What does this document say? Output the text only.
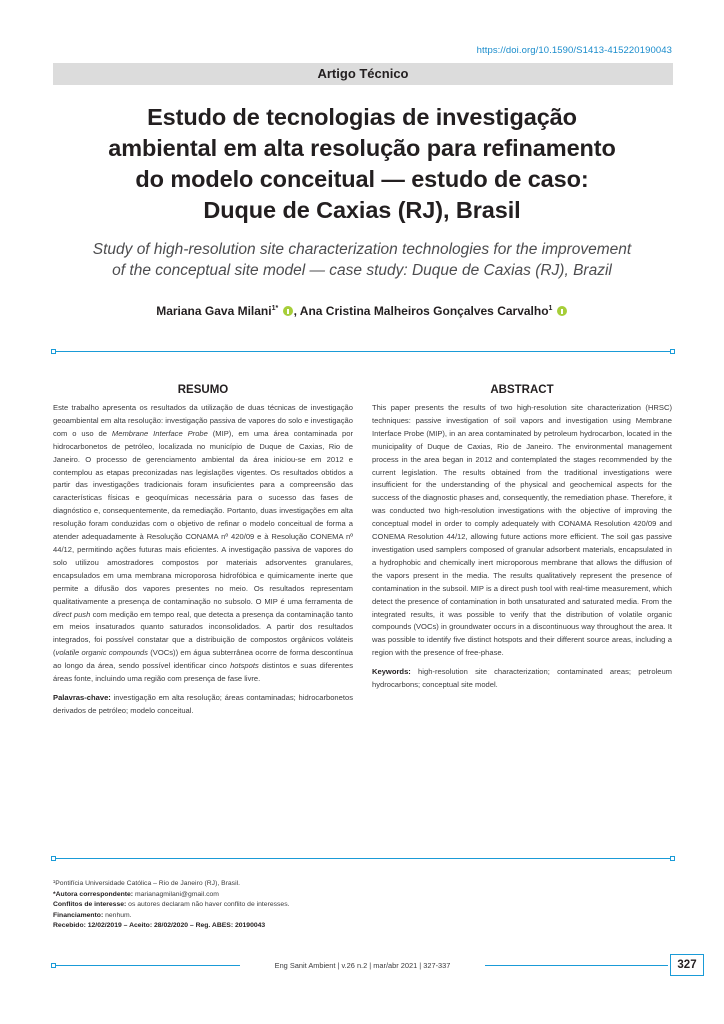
https://doi.org/10.1590/S1413-415220190043
Artigo Técnico
Estudo de tecnologias de investigação
ambiental em alta resolução para refinamento
do modelo conceitual — estudo de caso:
Duque de Caxias (RJ), Brasil
Study of high-resolution site characterization technologies for the improvement
of the conceptual site model — case study: Duque de Caxias (RJ), Brazil
Mariana Gava Milani$^{1*}$ , Ana Cristina Malheiros Gonçalves Carvalho$^1$
RESUMO
Este trabalho apresenta os resultados da utilização de duas técnicas de investigação geoambiental em alta resolução: investigação passiva de vapores do solo e investigação com o uso de Membrane Interface Probe (MIP), em uma área contaminada por hidrocarbonetos de petróleo, localizada no município de Duque de Caxias, Rio de Janeiro. O processo de gerenciamento ambiental da área iniciou-se em 2012 e contemplou as etapas preconizadas nas legislações vigentes. Os resultados obtidos a partir das investigações tradicionais foram insuficientes para a compreensão das características físicas e geoquímicas necessária para o sucesso das fases de diagnóstico e, consequentemente, da remediação. Portanto, duas investigações em alta resolução foram conduzidas com o objetivo de refinar o modelo conceitual de forma a atender adequadamente à Resolução CONAMA nº 420/09 e à Resolução CONEMA nº 44/12, permitindo ações futuras mais eficientes. A investigação passiva de vapores do solo utilizou amostradores compostos por materiais adsorventes granulares, encapsulados em uma membrana microporosa hidrofóbica e quimicamente inerte que permite a difusão dos vapores presentes no meio. Os resultados representam qualitativamente a presença de contaminação no subsolo. O MIP é uma ferramenta de direct push com medição em tempo real, que detecta a presença da contaminação tanto em meios insaturados quanto saturados inconsolidados. A partir dos resultados integrados, foi possível constatar que a distribuição de compostos orgânicos voláteis (volatile organic compounds (VOCs)) em água subterrânea ocorre de forma descontínua ao longo da área, sendo possível identificar cinco hotspots distintos e suas diferentes áreas fonte, incluindo uma região com presença de fase livre.
Palavras-chave: investigação em alta resolução; áreas contaminadas; hidrocarbonetos derivados de petróleo; modelo conceitual.
ABSTRACT
This paper presents the results of two high-resolution site characterization (HRSC) techniques: passive investigation of soil vapors and investigation using Membrane Interface Probe (MIP), in an area contaminated by petroleum hydrocarbon, located in the municipality of Duque de Caxias, Rio de Janeiro. The environmental management process in the area began in 2012 and contemplated the stages recommended by the current legislation. The results obtained from the traditional investigations were insufficient for the understanding of the physical and geochemical aspects for the success of the diagnostic phases and, consequently, the remediation phase. Therefore, it was conducted two high-resolution investigations with the objective of improving the conceptual model in order to comply adequately with CONAMA Resolution 420/09 and CONEMA Resolution 44/12, allowing future actions more efficient. The soil gas passive investigation used samplers composed of granular adsorbent materials, encapsulated in a hydrophobic and chemically inert microporous membrane that allows the diffusion of the vapors present in the media. The results qualitatively represent the presence of contamination in the subsoil. MIP is a direct push tool with real-time measurement, which detect the presence of contamination in both unsaturated and saturated media. From the integrated results, it was possible to verify that the distribution of volatile organic compounds (VOCs) in groundwater occurs in a discontinuous way throughout the area. It was possible to identify five distinct hotspots and their different source areas, including a region with the presence of free-phase.
Keywords: high-resolution site characterization; contaminated areas; petroleum hydrocarbons; conceptual site model.
¹Pontifícia Universidade Católica – Rio de Janeiro (RJ), Brasil.
*Autora correspondente: marianagmilani@gmail.com
Conflitos de interesse: os autores declaram não haver conflito de interesses.
Financiamento: nenhum.
Recebido: 12/02/2019 – Aceito: 28/02/2020 – Reg. ABES: 20190043
Eng Sanit Ambient | v.26 n.2 | mar/abr 2021 | 327-337	327
